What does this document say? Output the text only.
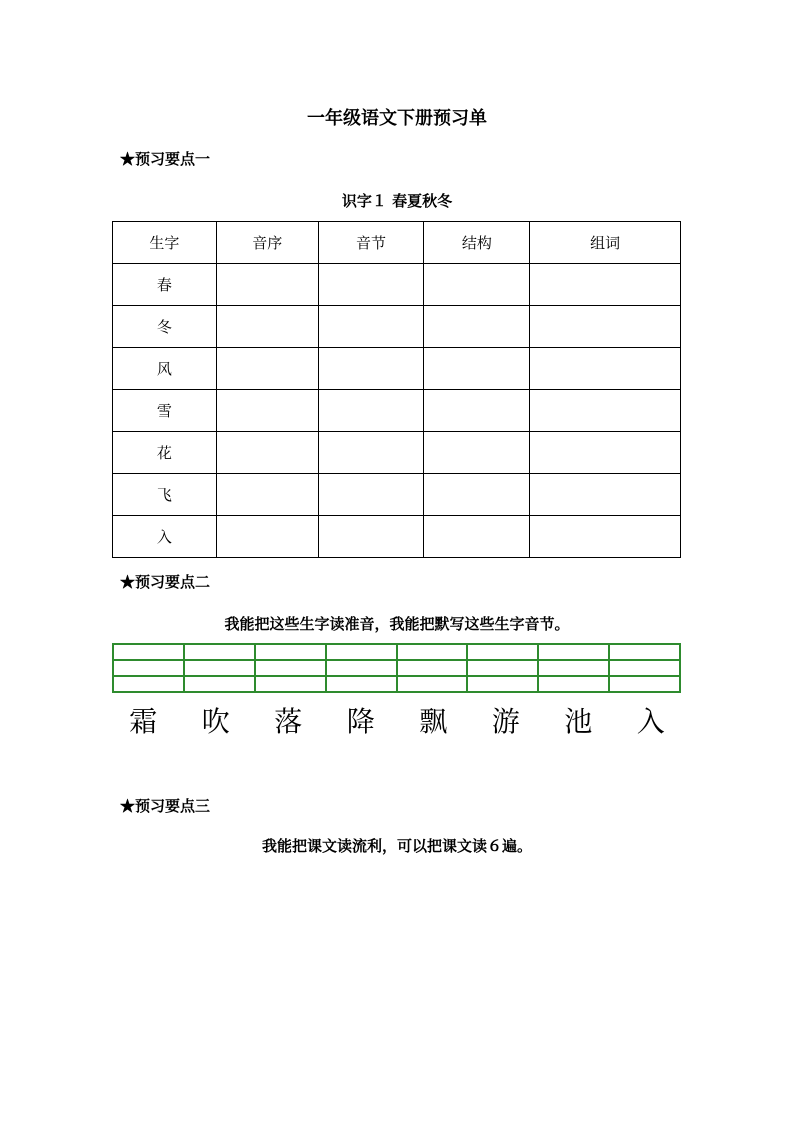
一年级语文下册预习单
★预习要点一
识字１ 春夏秋冬
生字	音序	音节	结构	组词
春				
冬				
风				
雪				
花				
飞				
入				
★预习要点二
我能把这些生字读准音，我能把默写这些生字音节。

霜	吹	落	降	飘	游	池	入
★预习要点三
我能把课文读流利，可以把课文读６遍。
